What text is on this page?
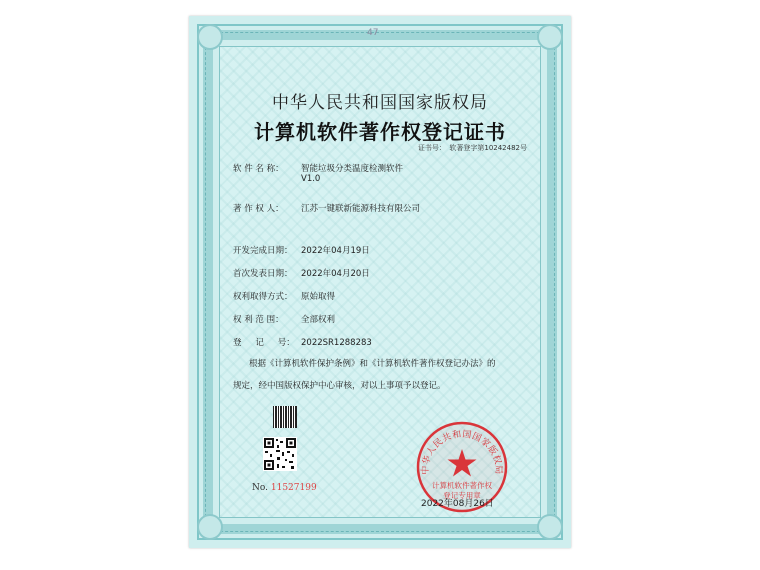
47
中华人民共和国国家版权局
计算机软件著作权登记证书
证书号：　软著登字第10242482号
软 件 名 称： 智能垃圾分类温度检测软件
V1.0
著 作 权 人： 江苏一键联新能源科技有限公司
开发完成日期： 2022年04月19日
首次发表日期： 2022年04月20日
权利取得方式： 原始取得
权 利 范 围： 全部权利
登 　 记 　 号： 2022SR1288283
根据《计算机软件保护条例》和《计算机软件著作权登记办法》的
规定，经中国版权保护中心审核，对以上事项予以登记。
No. 11527199
中华人民共和国国家版权局
计算机软件著作权
登记专用章
2022年08月26日
